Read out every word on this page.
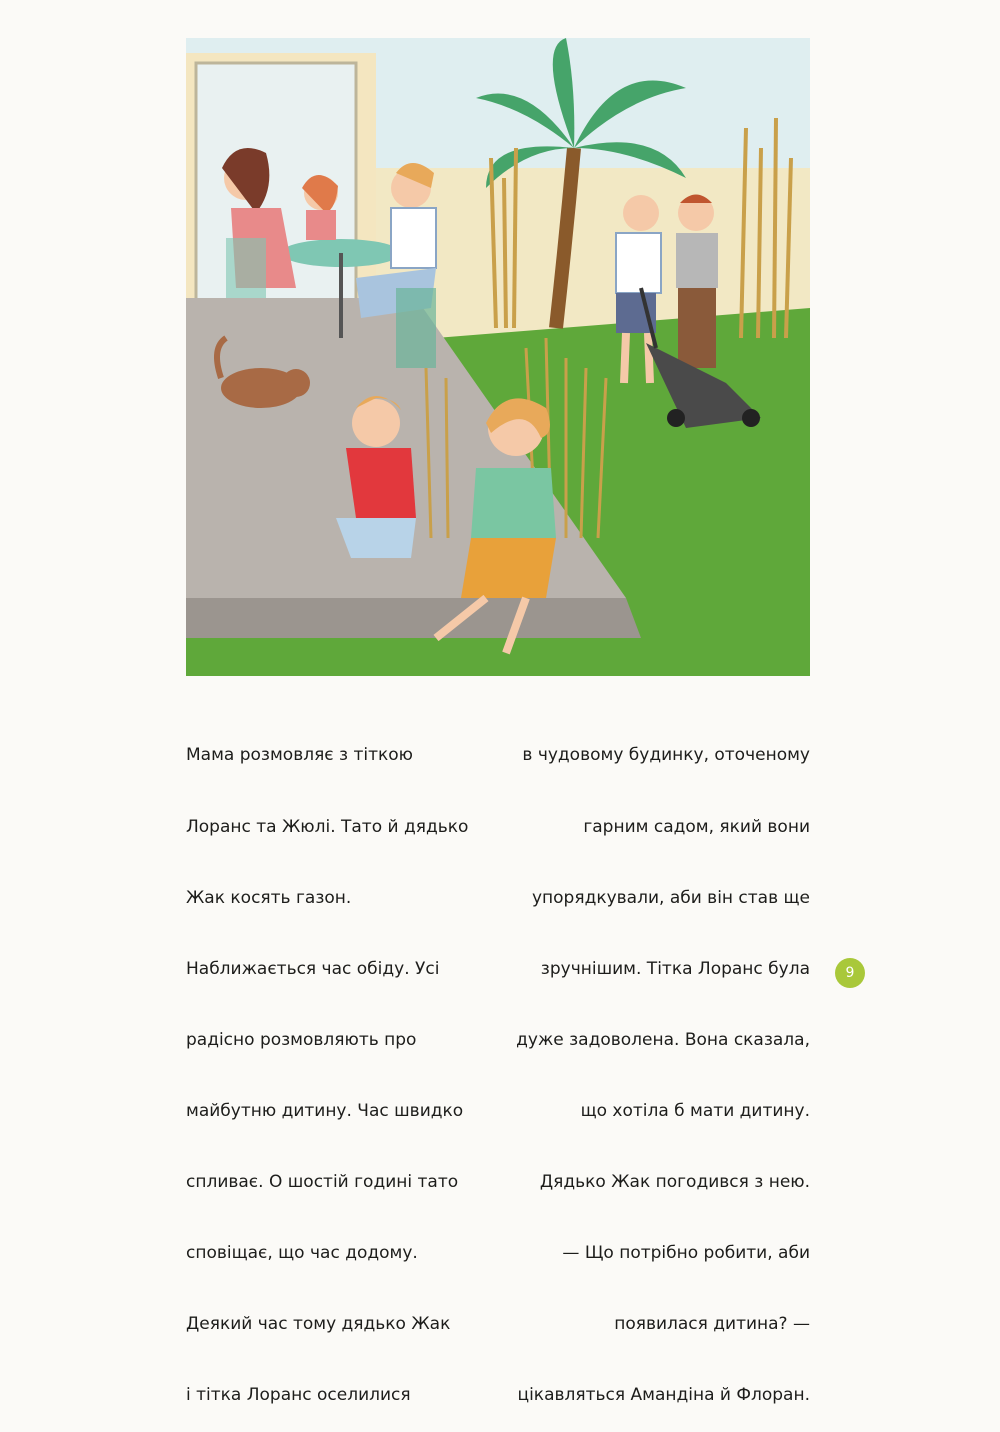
Мама розмовляє з тіткою

Лоранс та Жюлі. Тато й дядько

Жак косять газон.

Наближається час обіду. Усі

радісно розмовляють про

майбутню дитину. Час швидко

спливає. О шостій годині тато

сповіщає, що час додому.

Деякий час тому дядько Жак

і тітка Лоранс оселилися

в чудовому будинку, оточеному

гарним садом, який вони

упорядкували, аби він став ще

зручнішим. Тітка Лоранс була

дуже задоволена. Вона сказала,

що хотіла б мати дитину.

Дядько Жак погодився з нею.

— Що потрібно робити, аби

появилася дитина? —

цікавляться Амандіна й Флоран.

9
